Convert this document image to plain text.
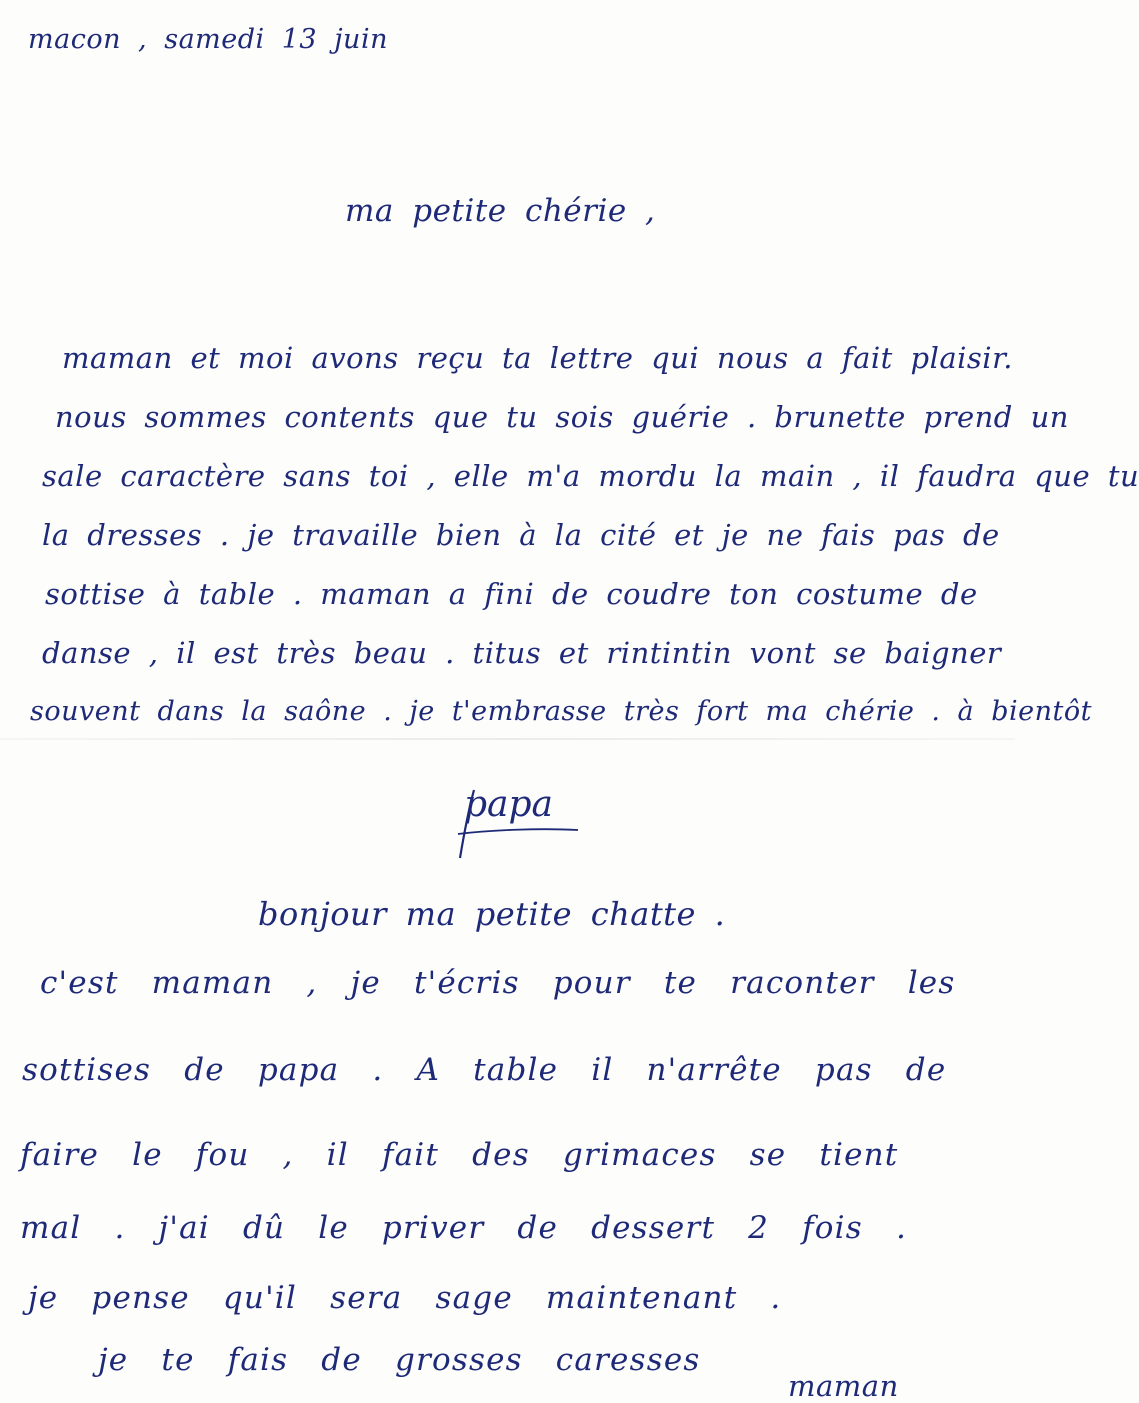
macon , samedi 13 juin

ma petite chérie ,

maman et moi avons reçu ta lettre qui nous a fait plaisir.

nous sommes contents que tu sois guérie . brunette prend un

sale caractère sans toi , elle m'a mordu la main , il faudra que tu

la dresses . je travaille bien à la cité et je ne fais pas de

sottise à table . maman a fini de coudre ton costume de

danse , il est très beau . titus et rintintin vont se baigner

souvent dans la saône . je t'embrasse très fort ma chérie . à bientôt

papa

bonjour ma petite chatte .

c'est maman , je t'écris pour te raconter les

sottises de papa . A table il n'arrête pas de

faire le fou , il fait des grimaces se tient

mal . j'ai dû le priver de dessert 2 fois .

je pense qu'il sera sage maintenant .

je te fais de grosses caresses

maman
